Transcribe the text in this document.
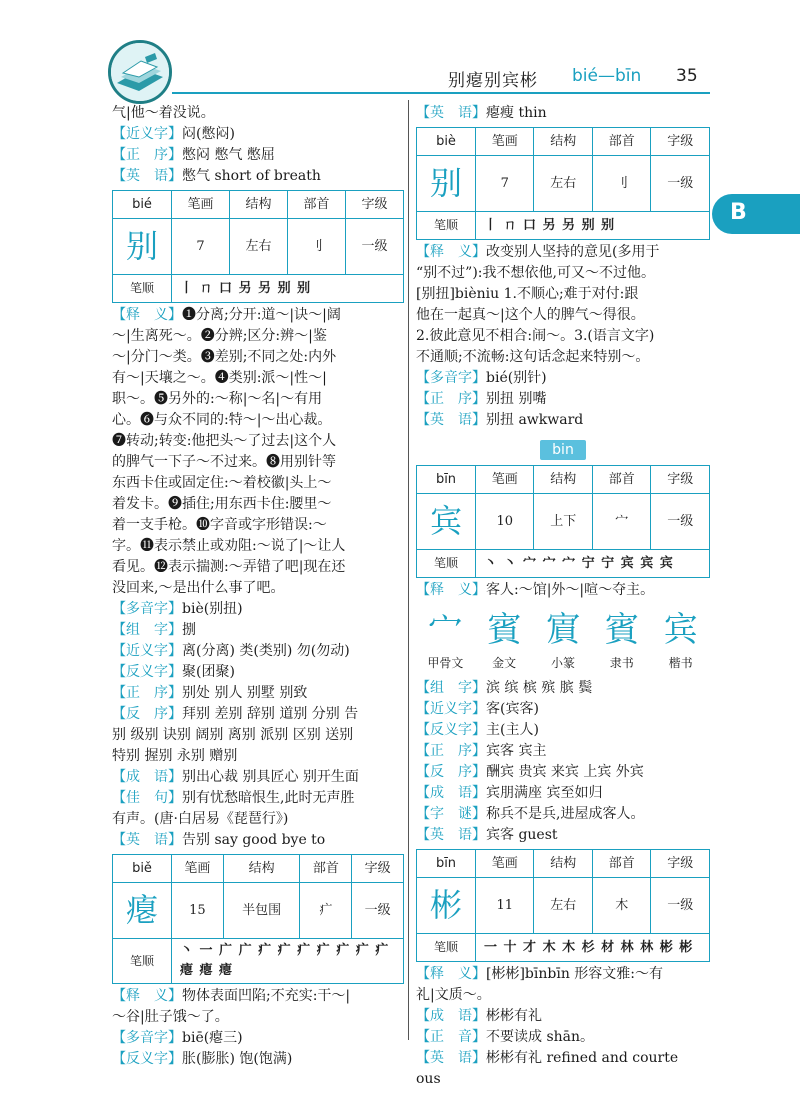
别瘪别宾彬 bié—bīn 35
B
气|他～着没说。
【近义字】闷(憋闷)
【正　序】憋闷 憋气 憋屈
【英　语】憋气 short of breath
bié	笔画	结构	部首	字级
别	7	左右	刂	一级
笔顺	丨 ㄇ 口 另 另 别 别			
【释　义】❶分离;分开:道～|诀～|阔
～|生离死～。❷分辨;区分:辨～|鉴
～|分门～类。❸差别;不同之处:内外
有～|天壤之～。❹类别:派～|性～|
职～。❺另外的:～称|～名|～有用
心。❻与众不同的:特～|～出心裁。
❼转动;转变:他把头～了过去|这个人
的脾气一下子～不过来。❽用别针等
东西卡住或固定住:～着校徽|头上～
着发卡。❾插住;用东西卡住:腰里～
着一支手枪。❿字音或字形错误:～
字。⓫表示禁止或劝阻:～说了|～让人
看见。⓬表示揣测:～弄错了吧|现在还
没回来,～是出什么事了吧。
【多音字】biè(别扭)
【组　字】捌
【近义字】离(分离) 类(类别) 勿(勿动)
【反义字】聚(团聚)
【正　序】别处 别人 别墅 别致
【反　序】拜别 差别 辞别 道别 分别 告
别 级别 诀别 阔别 离别 派别 区别 送别
特别 握别 永别 赠别
【成　语】别出心裁 别具匠心 别开生面
【佳　句】别有忧愁暗恨生,此时无声胜
有声。(唐·白居易《琵琶行》)
【英　语】告别 say good bye to
biě	笔画	结构	部首	字级
瘪	15	半包围	疒	一级
笔顺	丶 一 广 广 疒 疒 疒 疒 疒 疒 疒
瘪 瘪 瘪			
【释　义】物体表面凹陷;不充实:干～|
～谷|肚子饿～了。
【多音字】biē(瘪三)
【反义字】胀(膨胀) 饱(饱满)
【英　语】瘪瘦 thin
biè	笔画	结构	部首	字级
别	7	左右	刂	一级
笔顺	丨 ㄇ 口 另 另 别 别			
【释　义】改变别人坚持的意见(多用于
“别不过”):我不想依他,可又～不过他。
[别扭]bièniu 1.不顺心;难于对付:跟
他在一起真～|这个人的脾气～得很。
2.彼此意见不相合:闹～。3.(语言文字)
不通顺;不流畅:这句话念起来特别～。
【多音字】bié(别针)
【正　序】别扭 别嘴
【英　语】别扭 awkward
bin
bīn	笔画	结构	部首	字级
宾	10	上下	宀	一级
笔顺	丶 丶 宀 宀 宀 宁 宁 宾 宾 宾			
【释　义】客人:～馆|外～|喧～夺主。
宀 賓 賔 賓 宾
甲骨文	金文	小篆	隶书	楷书
【组　字】滨 缤 槟 殡 膑 鬓
【近义字】客(宾客)
【反义字】主(主人)
【正　序】宾客 宾主
【反　序】酬宾 贵宾 来宾 上宾 外宾
【成　语】宾朋满座 宾至如归
【字　谜】称兵不是兵,进屋成客人。
【英　语】宾客 guest
bīn	笔画	结构	部首	字级
彬	11	左右	木	一级
笔顺	一 十 才 木 木 杉 材 林 林 彬 彬			
【释　义】[彬彬]bīnbīn 形容文雅:～有
礼|文质～。
【成　语】彬彬有礼
【正　音】不要读成 shān。
【英　语】彬彬有礼 refined and courte
ous
